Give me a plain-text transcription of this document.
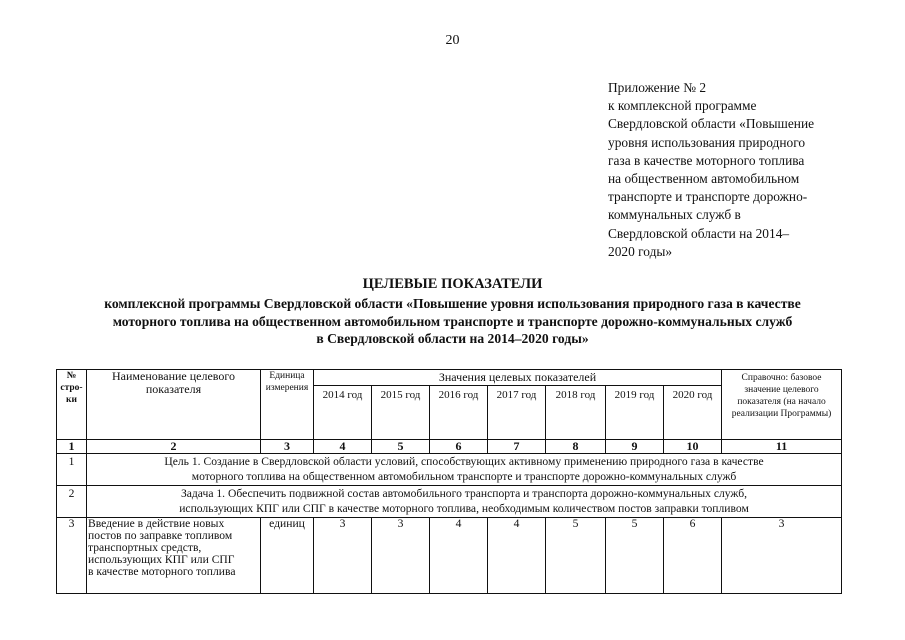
20
Приложение № 2
к комплексной программе
Свердловской области «Повышение
уровня использования природного
газа в качестве моторного топлива
на общественном автомобильном
транспорте и транспорте дорожно-
коммунальных служб в
Свердловской области на 2014–
2020 годы»
ЦЕЛЕВЫЕ ПОКАЗАТЕЛИ
комплексной программы Свердловской области «Повышение уровня использования природного газа в качестве
моторного топлива на общественном автомобильном транспорте и транспорте дорожно-коммунальных служб
в Свердловской области на 2014–2020 годы»
№ стро-ки	Наименование целевого показателя	Единица измерения	Значения целевых показателей							Справочно: базовое значение целевого показателя (на начало реализации Программы)
			2014 год	2015 год	2016 год	2017 год	2018 год	2019 год	2020 год	
1	2	3	4	5	6	7	8	9	10	11
1	Цель 1. Создание в Свердловской области условий, способствующих активному применению природного газа в качестве
моторного топлива на общественном автомобильном транспорте и транспорте дорожно-коммунальных служб									

2	Задача 1. Обеспечить подвижной состав автомобильного транспорта и транспорта дорожно-коммунальных служб,
использующих КПГ или СПГ в качестве моторного топлива, необходимым количеством постов заправки топливом									

3	Введение в действие новых
постов по заправке топливом
транспортных средств,
использующих КПГ или СПГ
в качестве моторного топлива	единиц	3	3	4	4	5	5	6	3
